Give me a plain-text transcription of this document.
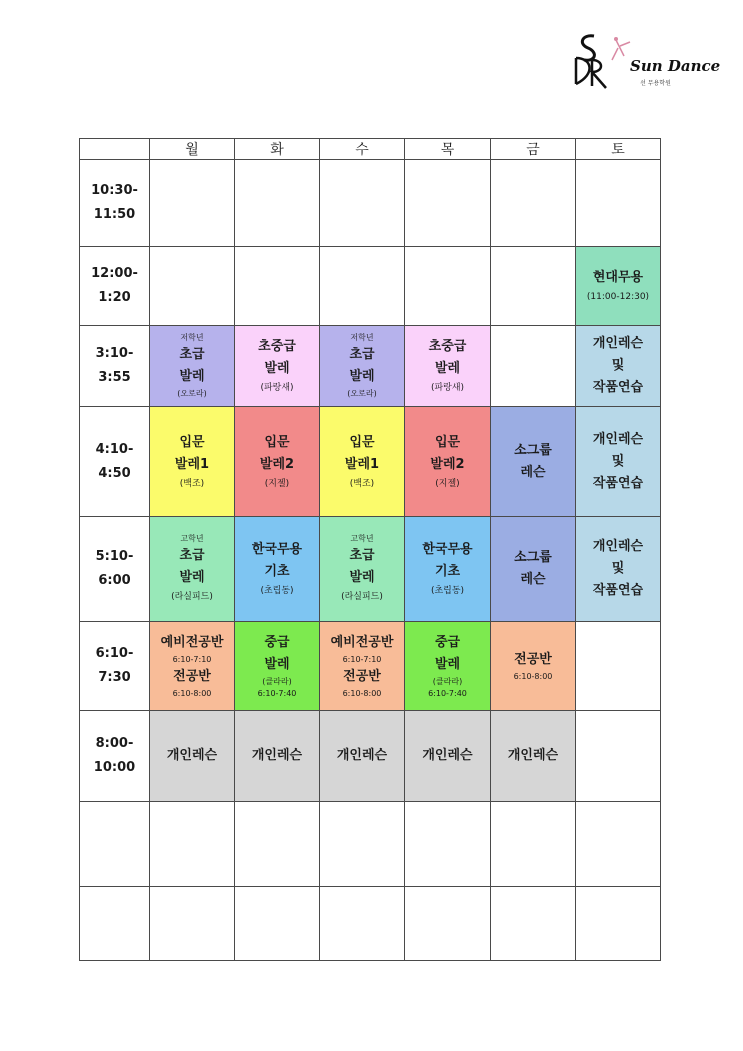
Sun Dance
선 무용학원
	월	화	수	목	금	토

10:30-
11:50						

12:00-
1:20						현대무용
(11:00-12:30)

3:10-
3:55	저학년
초급
발레
(오로라)	초중급
발레
(파랑새)	저학년
초급
발레
(오로라)	초중급
발레
(파랑새)		개인레슨
및
작품연습

4:10-
4:50	입문
발레1
(백조)	입문
발레2
(지젤)	입문
발레1
(백조)	입문
발레2
(지젤)	소그룹
레슨	개인레슨
및
작품연습

5:10-
6:00	고학년
초급
발레
(라실피드)	한국무용
기초
(초립동)	고학년
초급
발레
(라실피드)	한국무용
기초
(초립동)	소그룹
레슨	개인레슨
및
작품연습

6:10-
7:30	예비전공반
6:10-7:10
전공반
6:10-8:00	중급
발레
(클라라)
6:10-7:40	예비전공반
6:10-7:10
전공반
6:10-8:00	중급
발레
(클라라)
6:10-7:40	전공반
6:10-8:00	

8:00-
10:00	개인레슨	개인레슨	개인레슨	개인레슨	개인레슨	
